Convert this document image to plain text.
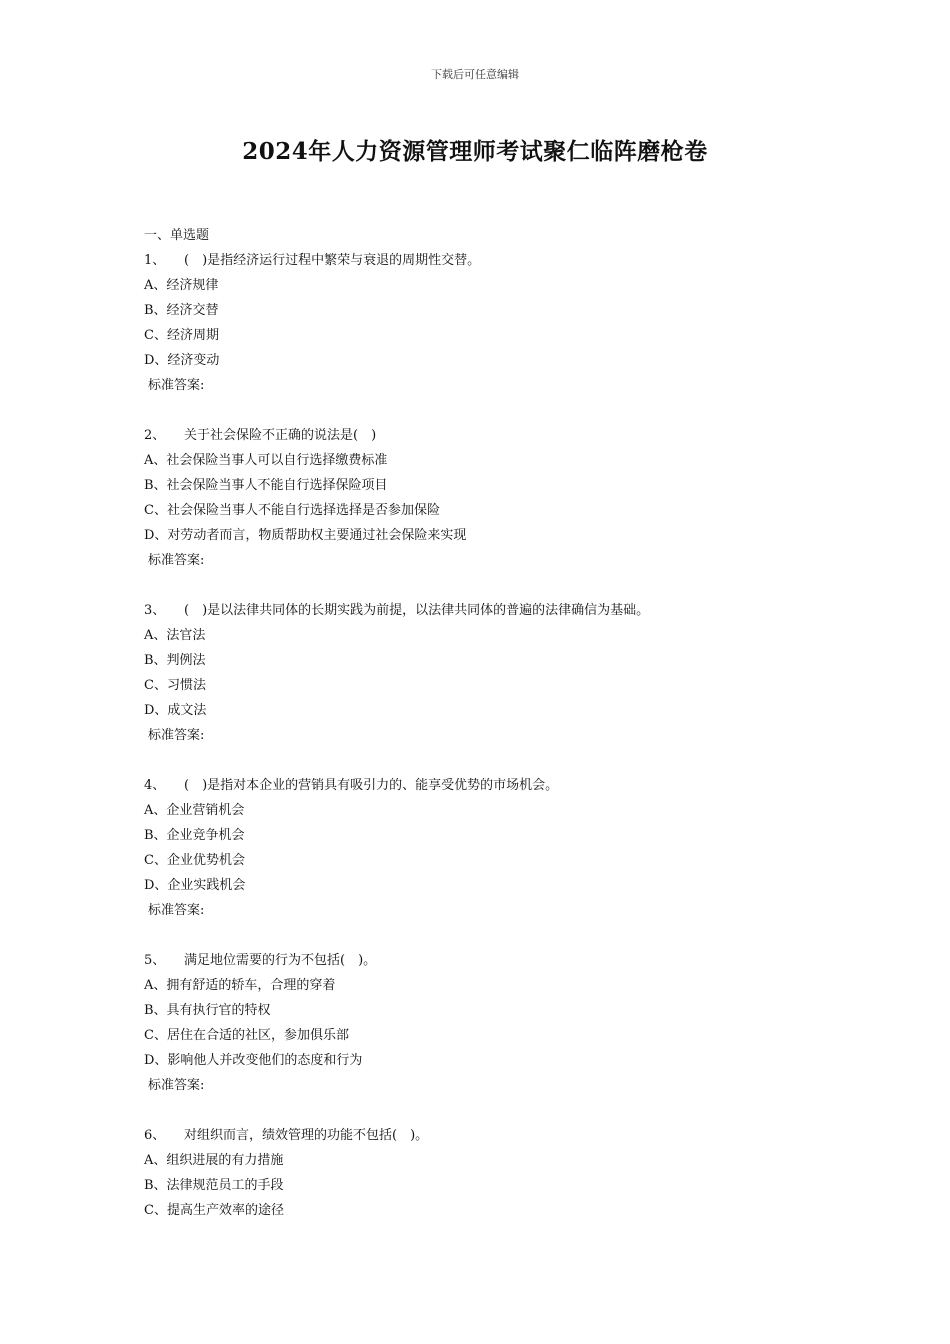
下载后可任意编辑
2024年人力资源管理师考试聚仁临阵磨枪卷
一、单选题
1、 (　)是指经济运行过程中繁荣与衰退的周期性交替。
A、经济规律
B、经济交替
C、经济周期
D、经济变动
标准答案:
2、 关于社会保险不正确的说法是(　)
A、社会保险当事人可以自行选择缴费标准
B、社会保险当事人不能自行选择保险项目
C、社会保险当事人不能自行选择选择是否参加保险
D、对劳动者而言，物质帮助权主要通过社会保险来实现
标准答案:
3、 (　)是以法律共同体的长期实践为前提，以法律共同体的普遍的法律确信为基础。
A、法官法
B、判例法
C、习惯法
D、成文法
标准答案:
4、 (　)是指对本企业的营销具有吸引力的、能享受优势的市场机会。
A、企业营销机会
B、企业竞争机会
C、企业优势机会
D、企业实践机会
标准答案:
5、 满足地位需要的行为不包括(　)。
A、拥有舒适的轿车，合理的穿着
B、具有执行官的特权
C、居住在合适的社区，参加俱乐部
D、影响他人并改变他们的态度和行为
标准答案:
6、 对组织而言，绩效管理的功能不包括(　)。
A、组织进展的有力措施
B、法律规范员工的手段
C、提高生产效率的途径
